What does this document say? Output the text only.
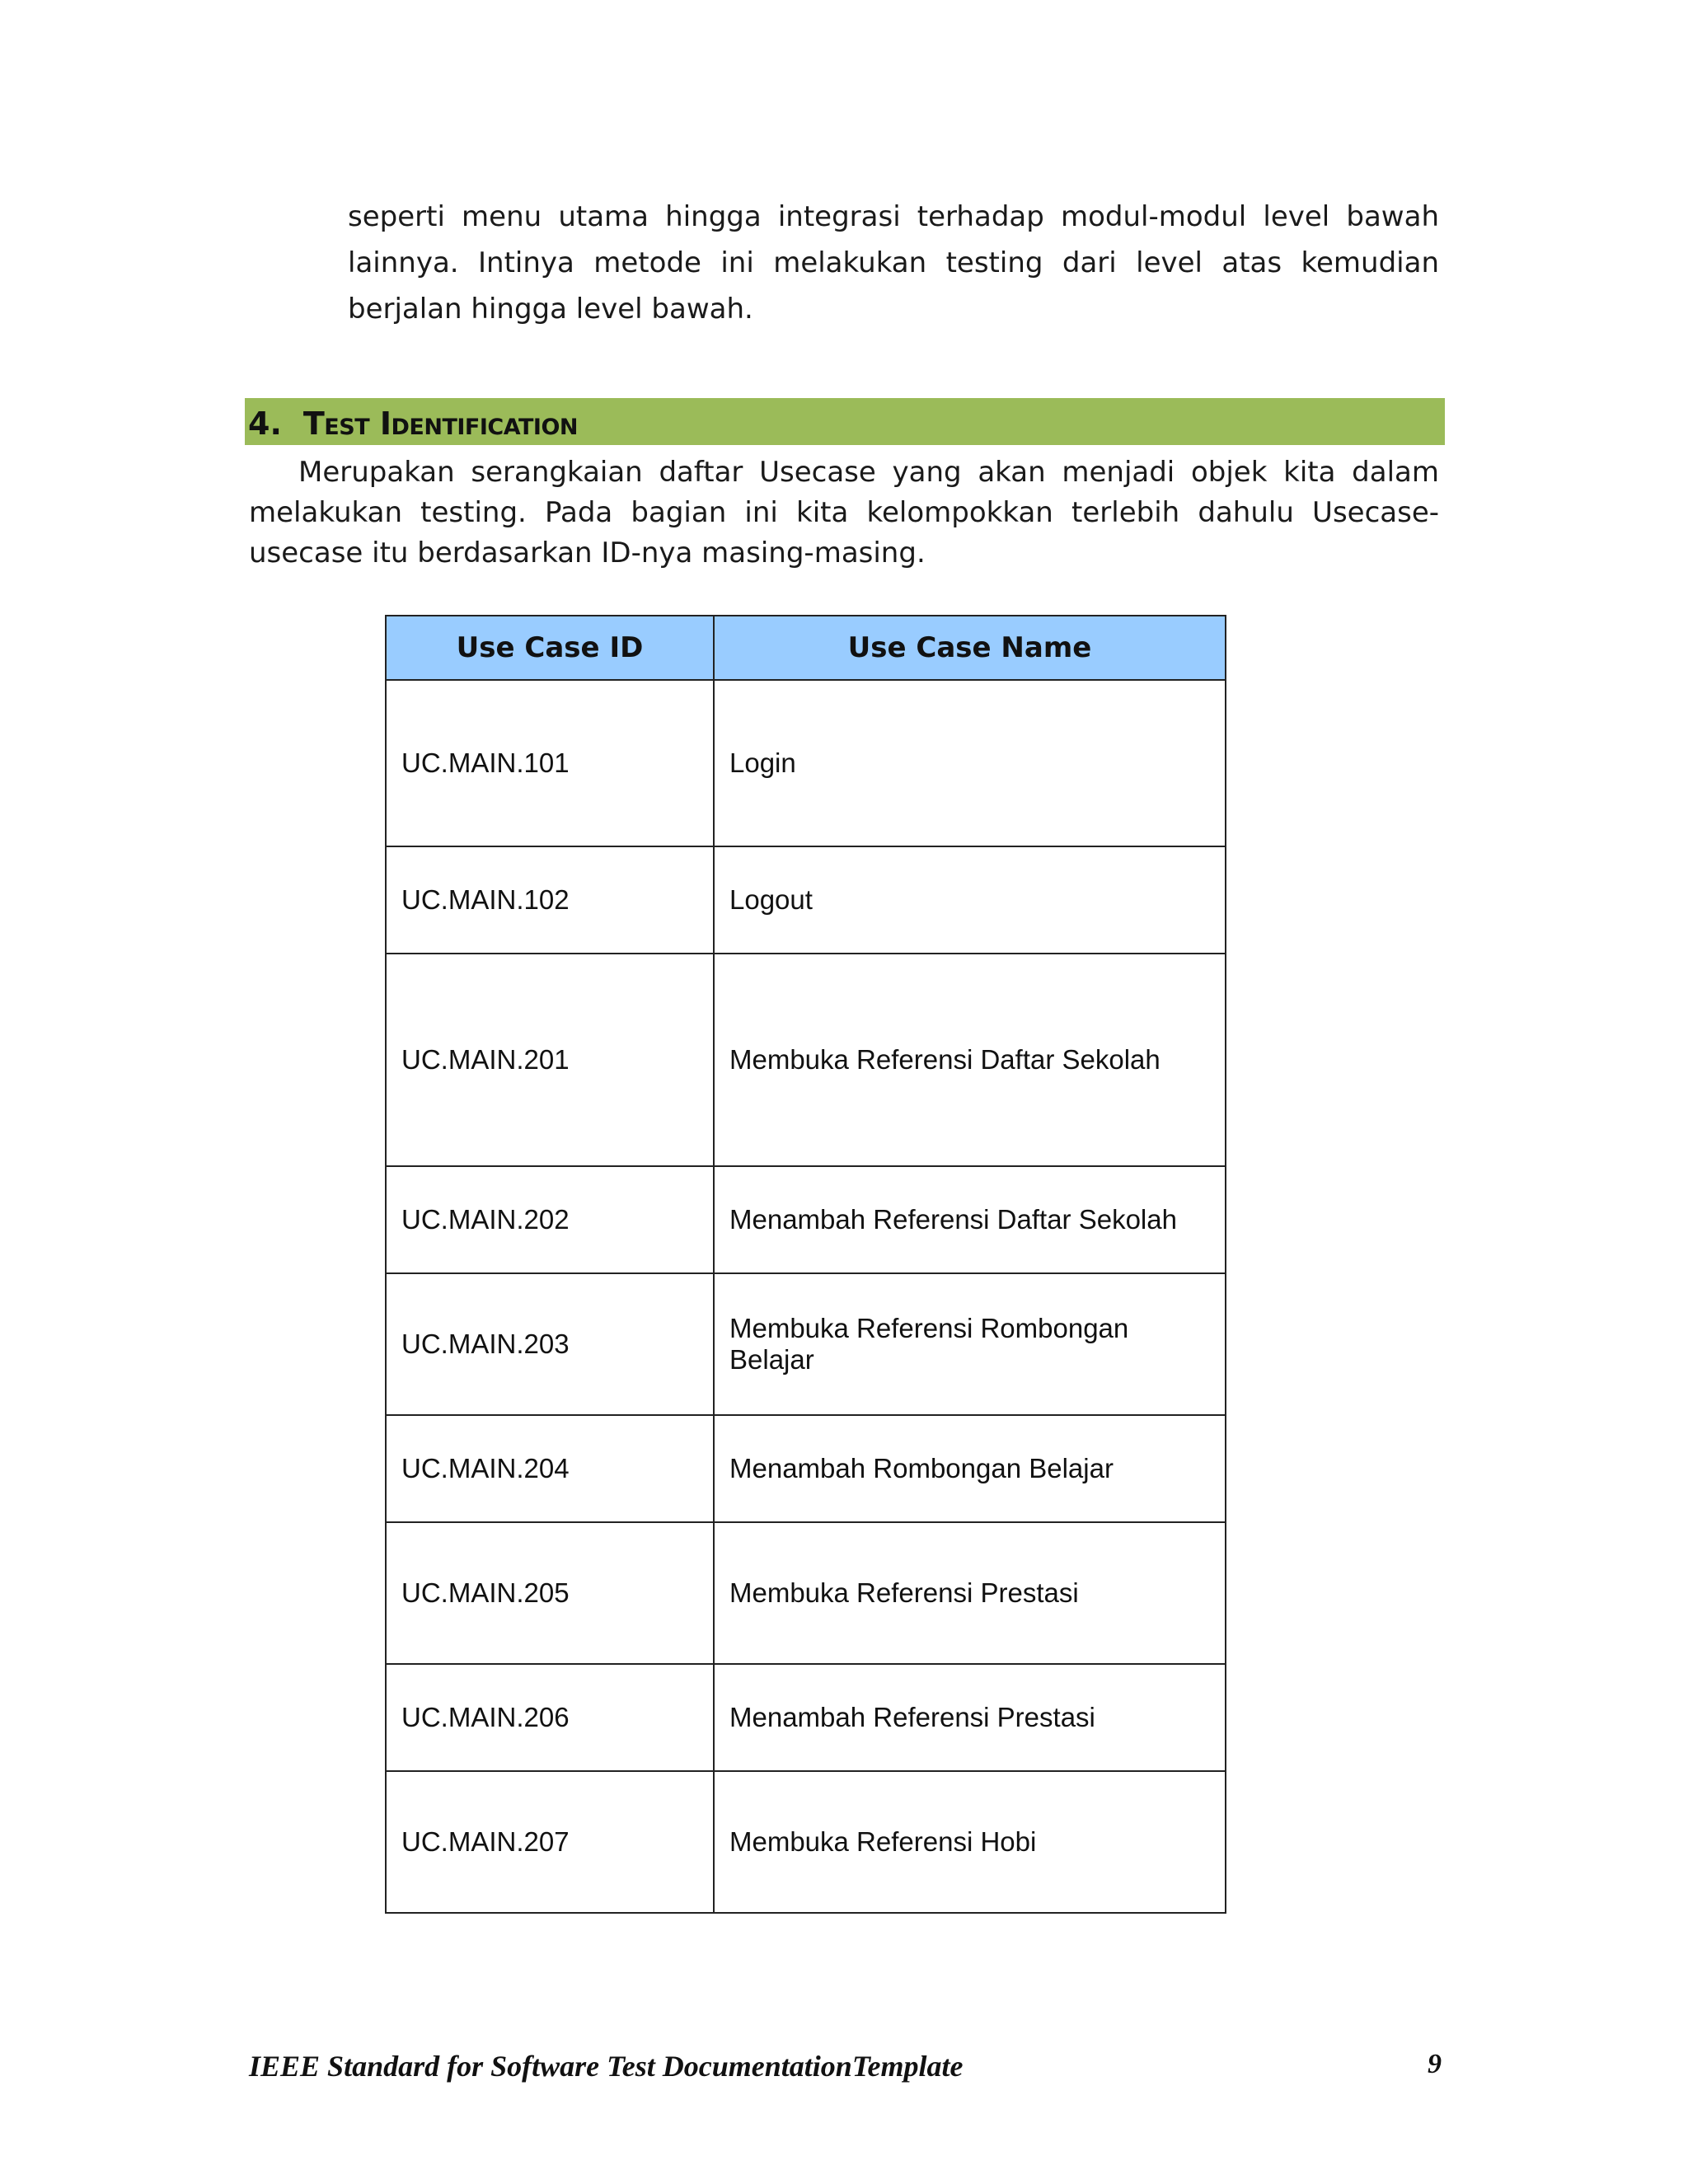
seperti menu utama hingga integrasi terhadap modul-modul level bawah lainnya. Intinya metode ini melakukan testing dari level atas kemudian berjalan hingga level bawah.

4. Test Identification

Merupakan serangkaian daftar Usecase yang akan menjadi objek kita dalam melakukan testing. Pada bagian ini kita kelompokkan terlebih dahulu Usecase-usecase itu berdasarkan ID-nya masing-masing.

Use Case ID	Use Case Name
UC.MAIN.101	Login
UC.MAIN.102	Logout
UC.MAIN.201	Membuka Referensi Daftar Sekolah
UC.MAIN.202	Menambah Referensi Daftar Sekolah
UC.MAIN.203	Membuka Referensi Rombongan Belajar
UC.MAIN.204	Menambah Rombongan Belajar
UC.MAIN.205	Membuka Referensi Prestasi
UC.MAIN.206	Menambah Referensi Prestasi
UC.MAIN.207	Membuka Referensi Hobi
IEEE Standard for Software Test DocumentationTemplate	9
